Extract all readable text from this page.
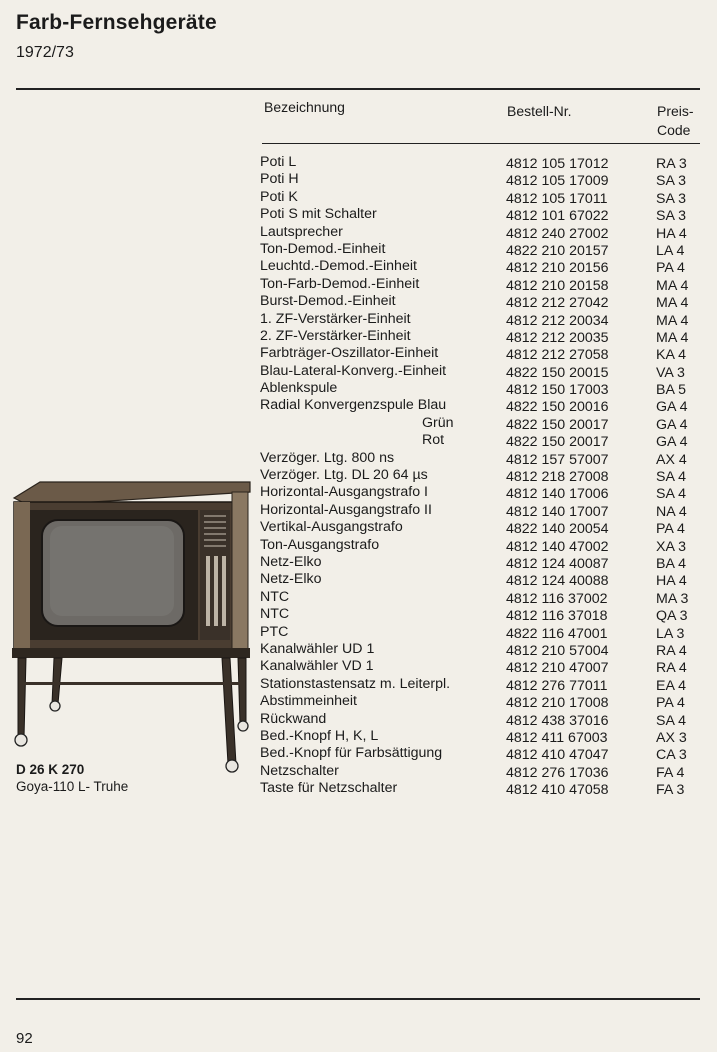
Farb-Fernsehgeräte
1972/73
Bezeichnung	Bestell-Nr.	Preis-
Code
Poti L	4812 105 17012	RA 3
Poti H	4812 105 17009	SA 3
Poti K	4812 105 17011	SA 3
Poti S mit Schalter	4812 101 67022	SA 3
Lautsprecher	4812 240 27002	HA 4
Ton-Demod.-Einheit	4822 210 20157	LA 4
Leuchtd.-Demod.-Einheit	4812 210 20156	PA 4
Ton-Farb-Demod.-Einheit	4812 210 20158	MA 4
Burst-Demod.-Einheit	4812 212 27042	MA 4
1. ZF-Verstärker-Einheit	4812 212 20034	MA 4
2. ZF-Verstärker-Einheit	4812 212 20035	MA 4
Farbträger-Oszillator-Einheit	4812 212 27058	KA 4
Blau-Lateral-Konverg.-Einheit	4822 150 20015	VA 3
Ablenkspule	4812 150 17003	BA 5
Radial Konvergenzspule Blau	4822 150 20016	GA 4
Grün	4822 150 20017	GA 4
Rot	4822 150 20017	GA 4
Verzöger. Ltg. 800 ns	4812 157 57007	AX 4
Verzöger. Ltg. DL 20 64 µs	4812 218 27008	SA 4
Horizontal-Ausgangstrafo I	4812 140 17006	SA 4
Horizontal-Ausgangstrafo II	4812 140 17007	NA 4
Vertikal-Ausgangstrafo	4822 140 20054	PA 4
Ton-Ausgangstrafo	4812 140 47002	XA 3
Netz-Elko	4812 124 40087	BA 4
Netz-Elko	4812 124 40088	HA 4
NTC	4812 116 37002	MA 3
NTC	4812 116 37018	QA 3
PTC	4822 116 47001	LA 3
Kanalwähler UD 1	4812 210 57004	RA 4
Kanalwähler VD 1	4812 210 47007	RA 4
Stationstastensatz m. Leiterpl.	4812 276 77011	EA 4
Abstimmeinheit	4812 210 17008	PA 4
Rückwand	4812 438 37016	SA 4
Bed.-Knopf H, K, L	4812 411 67003	AX 3
Bed.-Knopf für Farbsättigung	4812 410 47047	CA 3
Netzschalter	4812 276 17036	FA 4
Taste für Netzschalter	4812 410 47058	FA 3
D 26 K 270
Goya-110 L- Truhe
92
